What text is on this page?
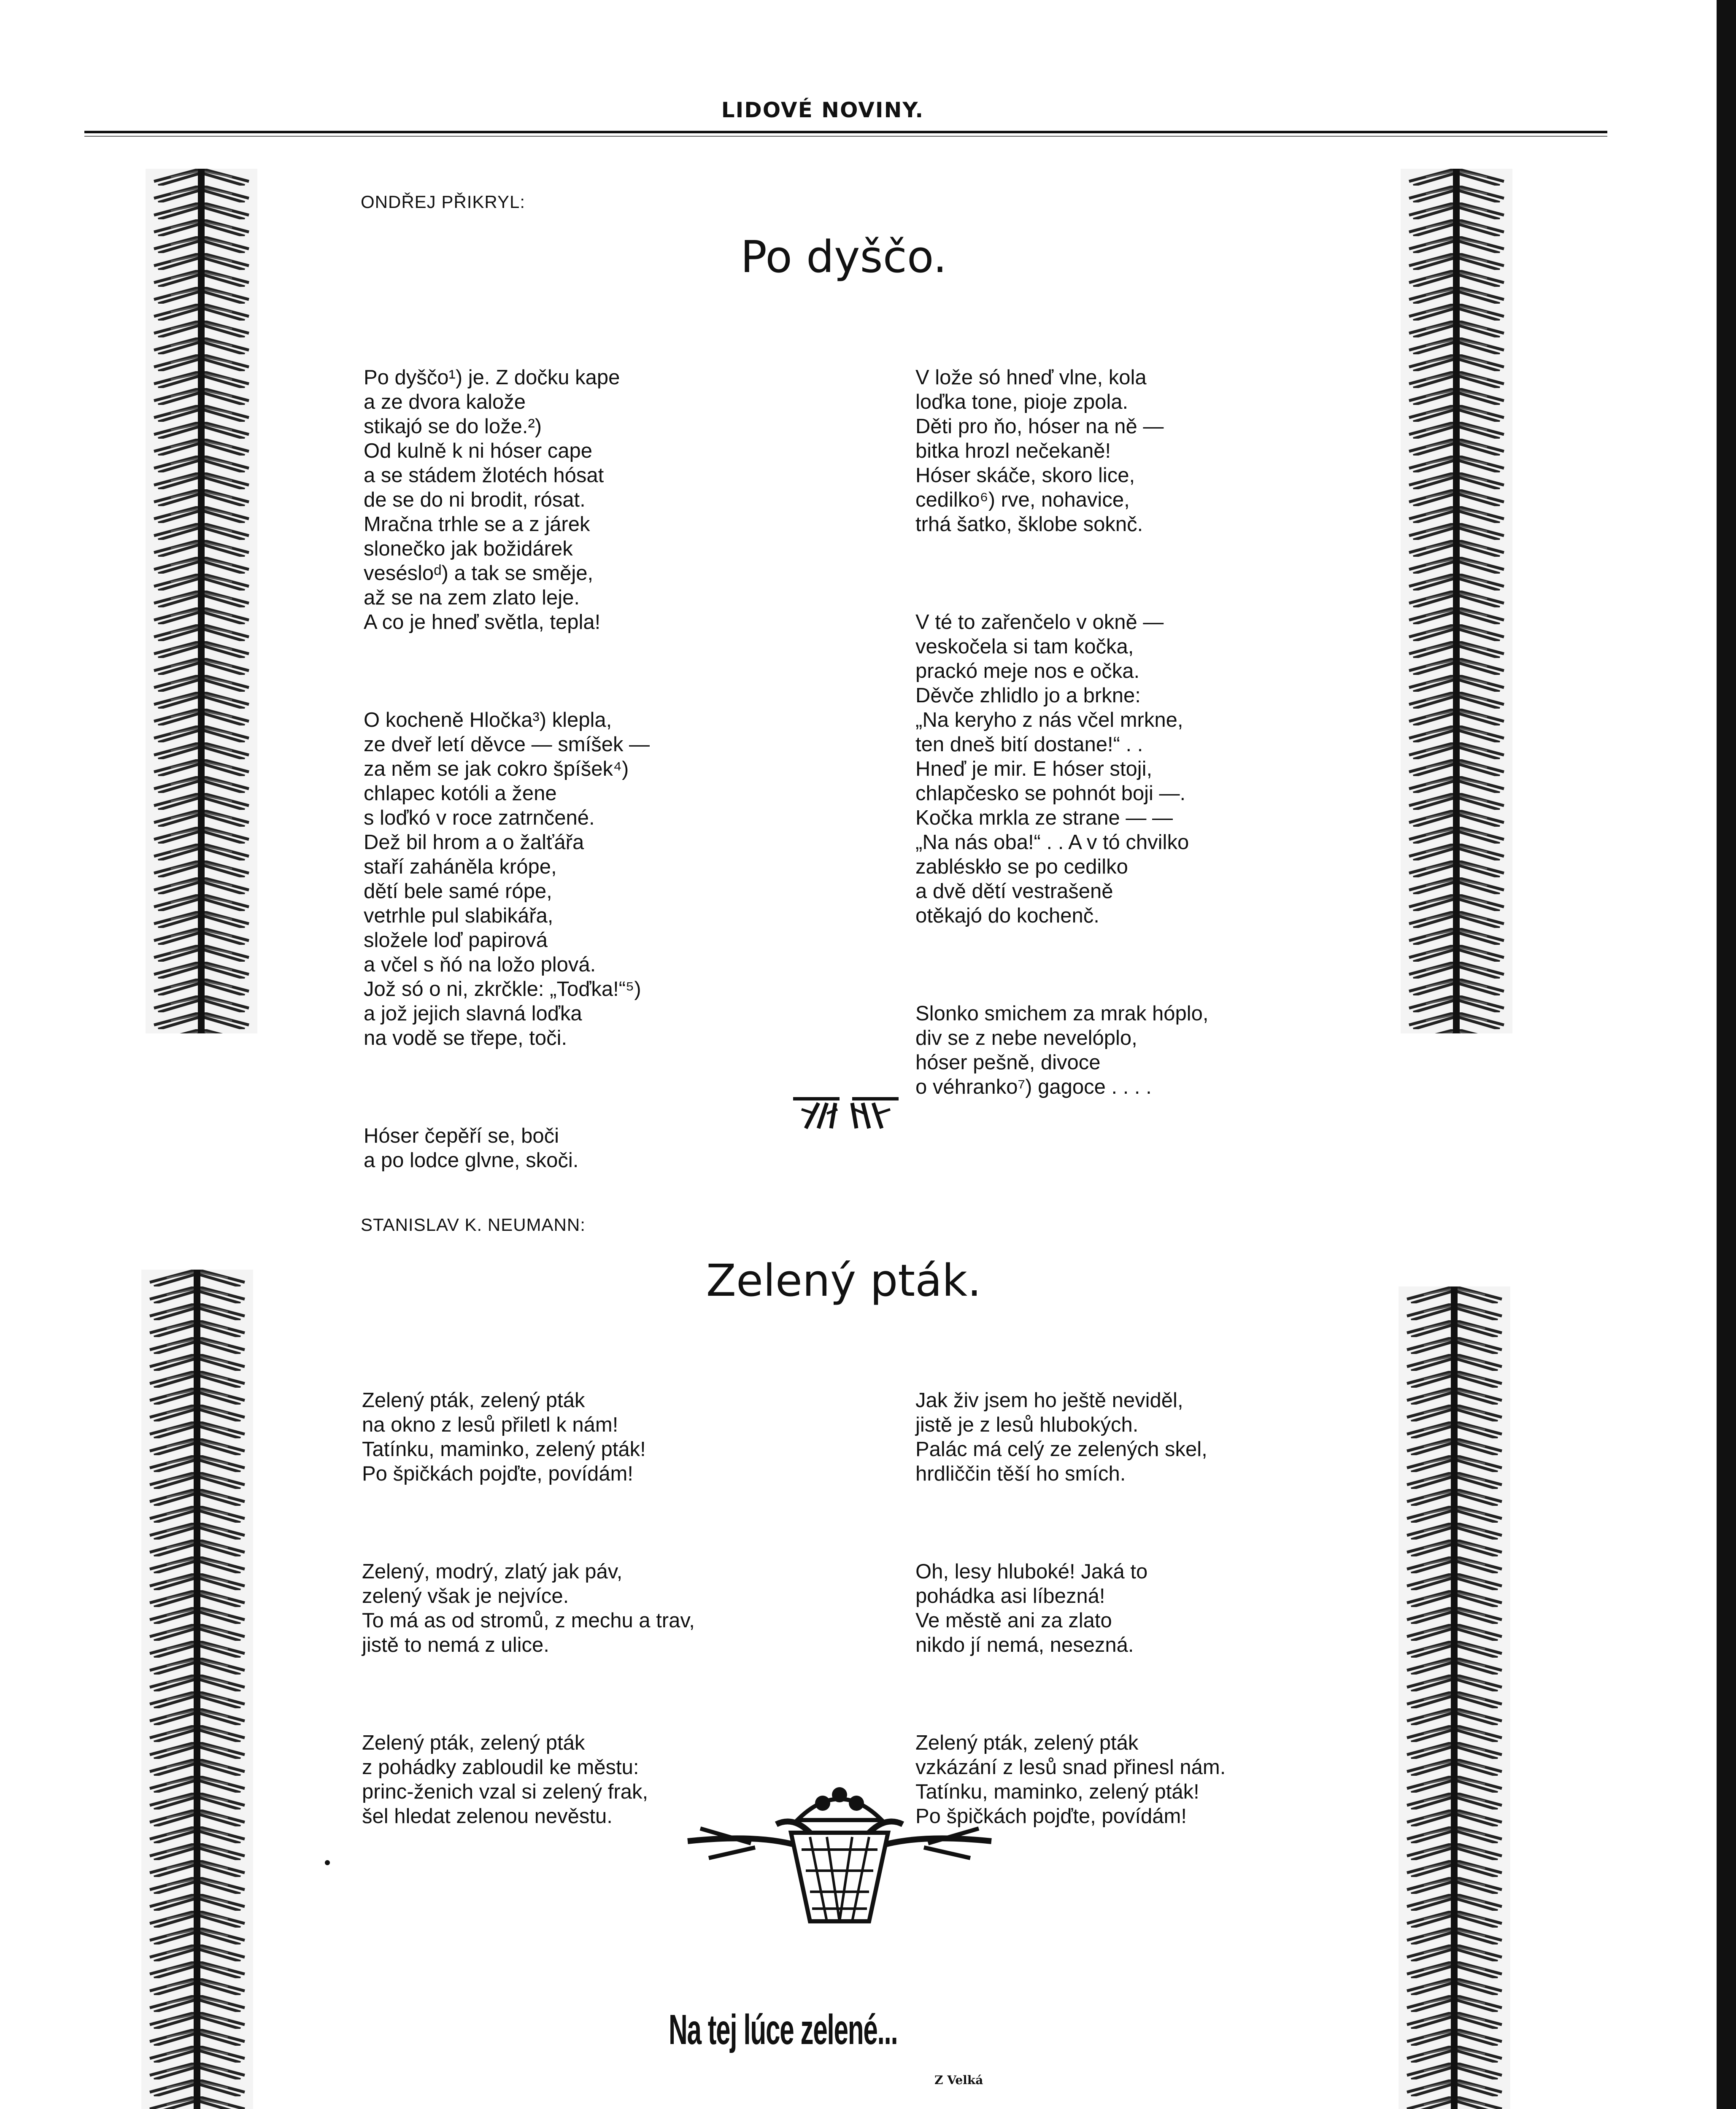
LIDOVÉ NOVINY.
ONDŘEJ PŘIKRYL:
Po dyščo.

Po dyščo¹) je. Z dočku kape
a ze dvora kalože
stikajó se do lože.²)
Od kulně k ni hóser cape
a se stádem žlotéch hósat
de se do ni brodit, rósat.
Mračna trhle se a z járek
slonečko jak božidárek
vesésloᵈ) a tak se směje,
až se na zem zlato leje.
A co je hneď světla, tepla!

O kocheně Hločka³) klepla,
ze dveř letí děvce — smíšek —
za něm se jak cokro špíšek⁴)
chlapec kotóli a žene
s loďkó v roce zatrnčené.
Dež bil hrom a o žalťářa
staří zaháněla krópe,
dětí bele samé rópe,
vetrhle pul slabikářa,
složele loď papirová
a včel s ňó na ložo plová.
Jož só o ni, zkrčkle: „Toďka!“⁵)
a jož jejich slavná loďka
na vodě se třepe, toči.

Hóser čepěří se, boči
a po lodce glvne, skoči.

V lože só hneď vlne, kola
loďka tone, pioje zpola.
Děti pro ňo, hóser na ně —
bitka hrozl nečekaně!
Hóser skáče, skoro lice,
cedilko⁶) rve, nohavice,
trhá šatko, šklobe soknč.

V té to zařenčelo v okně —
veskočela si tam kočka,
prackó meje nos e očka.
Děvče zhlidlo jo a brkne:
„Na keryho z nás včel mrkne,
ten dneš bití dostane!“ . .
Hneď je mir. E hóser stoji,
chlapčesko se pohnót boji —.
Kočka mrkla ze strane — —
„Na nás oba!“ . . A v tó chvilko
zabléskło se po cedilko
a dvě dětí vestrašeně
otěkajó do kochenč.

Slonko smichem za mrak hóplo,
div se z nebe nevelóplo,
hóser pešně, divoce
o véhranko⁷) gagoce . . . .

STANISLAV K. NEUMANN:
Zelený pták.

Zelený pták, zelený pták
na okno z lesů přiletl k nám!
Tatínku, maminko, zelený pták!
Po špičkách pojďte, povídám!

Zelený, modrý, zlatý jak páv,
zelený však je nejvíce.
To má as od stromů, z mechu a trav,
jistě to nemá z ulice.

Zelený pták, zelený pták
z pohádky zabloudil ke městu:
princ-ženich vzal si zelený frak,
šel hledat zelenou nevěstu.

Jak živ jsem ho ještě neviděl,
jistě je z lesů hlubokých.
Palác má celý ze zelených skel,
hrdliččin těší ho smích.

Oh, lesy hluboké! Jaká to
pohádka asi líbezná!
Ve městě ani za zlato
nikdo jí nemá, nesezná.

Zelený pták, zelený pták
vzkázání z lesů snad přinesl nám.
Tatínku, maminko, zelený pták!
Po špičkách pojďte, povídám!

Na tej lúce zelené...
Z Velká
